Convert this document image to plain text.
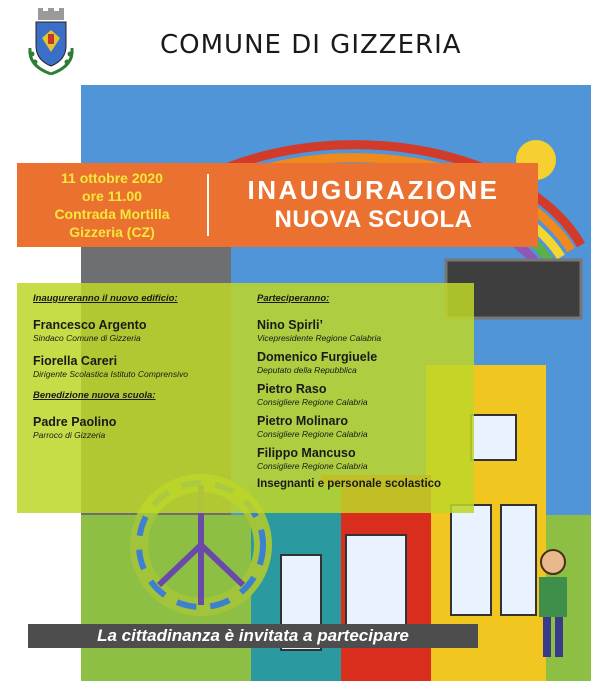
COMUNE DI GIZZERIA
11 ottobre 2020
ore 11.00
Contrada Mortilla
Gizzeria (CZ)
INAUGURAZIONE
NUOVA SCUOLA
Inaugureranno il nuovo edificio:
Francesco Argento
Sindaco Comune di Gizzeria
Fiorella Careri
Dirigente Scolastica Istituto Comprensivo
Benedizione nuova scuola:
Padre Paolino
Parroco di Gizzeria
Parteciperanno:
Nino Spirli’
Vicepresidente Regione Calabria
Domenico Furgiuele
Deputato della Repubblica
Pietro Raso
Consigliere Regione Calabria
Pietro Molinaro
Consigliere Regione Calabria
Filippo Mancuso
Consigliere Regione Calabria
Insegnanti e personale scolastico
La cittadinanza è invitata a partecipare
